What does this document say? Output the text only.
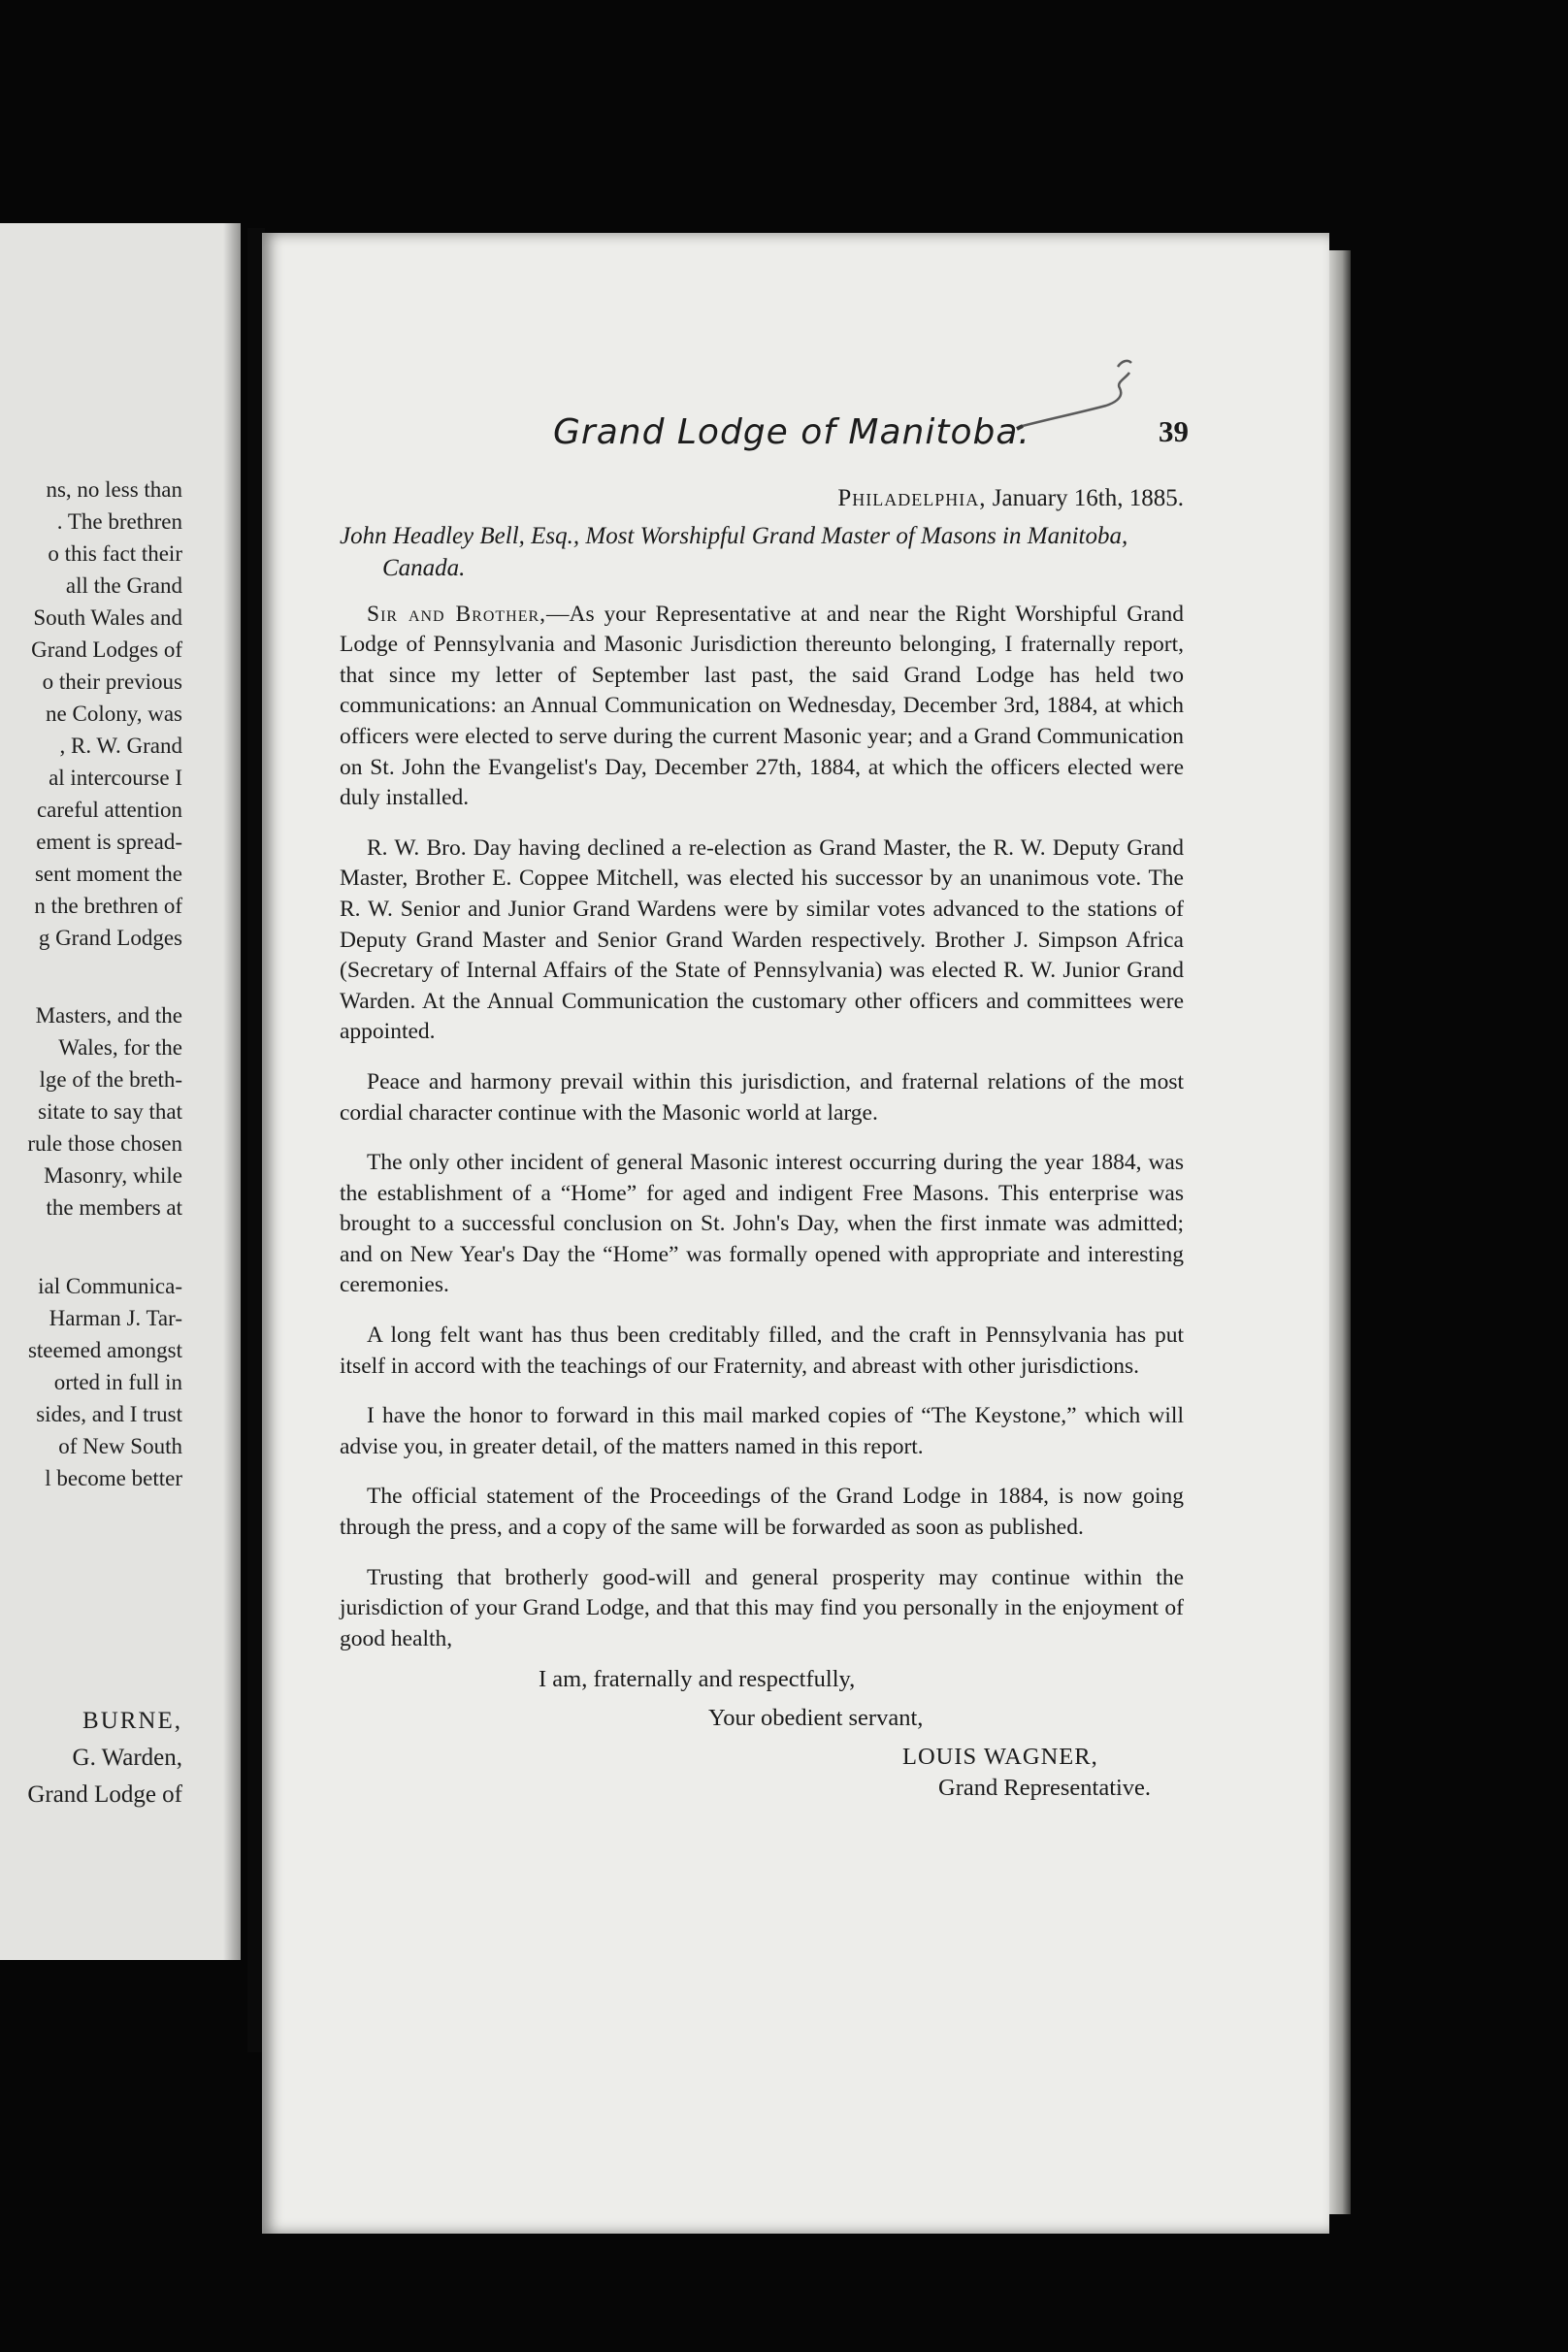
ns, no less than
. The brethren
o this fact their
all the Grand
South Wales and
Grand Lodges of
o their previous
ne Colony, was
, R. W. Grand
al intercourse I
careful attention
ement is spread-
sent moment the
n the brethren of
g Grand Lodges
Masters, and the
Wales, for the
lge of the breth-
sitate to say that
rule those chosen
Masonry, while
the members at
ial Communica-
Harman J. Tar-
steemed amongst
orted in full in
sides, and I trust
of New South
l become better
BURNE,
G. Warden,
Grand Lodge of
Grand Lodge of Manitoba.	39
Philadelphia, January 16th, 1885.
John Headley Bell, Esq., Most Worshipful Grand Master of Masons in Manitoba, Canada.

Sir and Brother,—As your Representative at and near the Right Worshipful Grand Lodge of Pennsylvania and Masonic Jurisdiction thereunto belonging, I fraternally report, that since my letter of September last past, the said Grand Lodge has held two communications: an Annual Communication on Wednesday, December 3rd, 1884, at which officers were elected to serve during the current Masonic year; and a Grand Communication on St. John the Evangelist's Day, December 27th, 1884, at which the officers elected were duly installed.

R. W. Bro. Day having declined a re-election as Grand Master, the R. W. Deputy Grand Master, Brother E. Coppee Mitchell, was elected his successor by an unanimous vote. The R. W. Senior and Junior Grand Wardens were by similar votes advanced to the stations of Deputy Grand Master and Senior Grand Warden respectively. Brother J. Simpson Africa (Secretary of Internal Affairs of the State of Pennsylvania) was elected R. W. Junior Grand Warden. At the Annual Communication the customary other officers and committees were appointed.

Peace and harmony prevail within this jurisdiction, and fraternal relations of the most cordial character continue with the Masonic world at large.

The only other incident of general Masonic interest occurring during the year 1884, was the establishment of a “Home” for aged and indigent Free Masons. This enterprise was brought to a successful conclusion on St. John's Day, when the first inmate was admitted; and on New Year's Day the “Home” was formally opened with appropriate and interesting ceremonies.

A long felt want has thus been creditably filled, and the craft in Pennsylvania has put itself in accord with the teachings of our Fraternity, and abreast with other jurisdictions.

I have the honor to forward in this mail marked copies of “The Keystone,” which will advise you, in greater detail, of the matters named in this report.

The official statement of the Proceedings of the Grand Lodge in 1884, is now going through the press, and a copy of the same will be forwarded as soon as published.

Trusting that brotherly good-will and general prosperity may continue within the jurisdiction of your Grand Lodge, and that this may find you personally in the enjoyment of good health,

I am, fraternally and respectfully,
Your obedient servant,
LOUIS WAGNER,
Grand Representative.
